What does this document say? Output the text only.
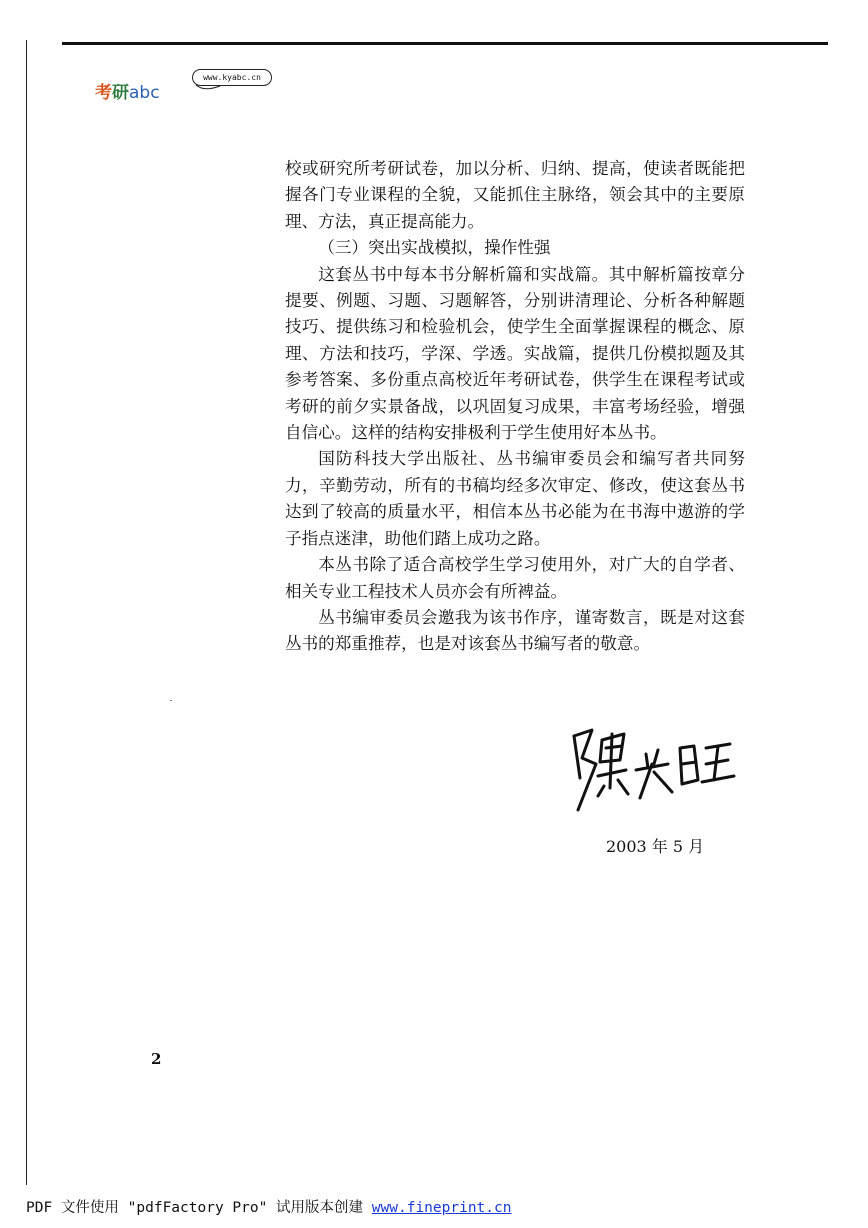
考研abc
www.kyabc.cn

校或研究所考研试卷，加以分析、归纳、提高，使读者既能把握各门专业课程的全貌，又能抓住主脉络，领会其中的主要原理、方法，真正提高能力。

（三）突出实战模拟，操作性强

这套丛书中每本书分解析篇和实战篇。其中解析篇按章分提要、例题、习题、习题解答，分别讲清理论、分析各种解题技巧、提供练习和检验机会，使学生全面掌握课程的概念、原理、方法和技巧，学深、学透。实战篇，提供几份模拟题及其参考答案、多份重点高校近年考研试卷，供学生在课程考试或考研的前夕实景备战，以巩固复习成果，丰富考场经验，增强自信心。这样的结构安排极利于学生使用好本丛书。

国防科技大学出版社、丛书编审委员会和编写者共同努力，辛勤劳动，所有的书稿均经多次审定、修改，使这套丛书达到了较高的质量水平，相信本丛书必能为在书海中遨游的学子指点迷津，助他们踏上成功之路。

本丛书除了适合高校学生学习使用外，对广大的自学者、相关专业工程技术人员亦会有所裨益。

丛书编审委员会邀我为该书作序，谨寄数言，既是对这套丛书的郑重推荐，也是对该套丛书编写者的敬意。

2003 年 5 月
2
PDF 文件使用 "pdfFactory Pro" 试用版本创建 www.fineprint.cn
